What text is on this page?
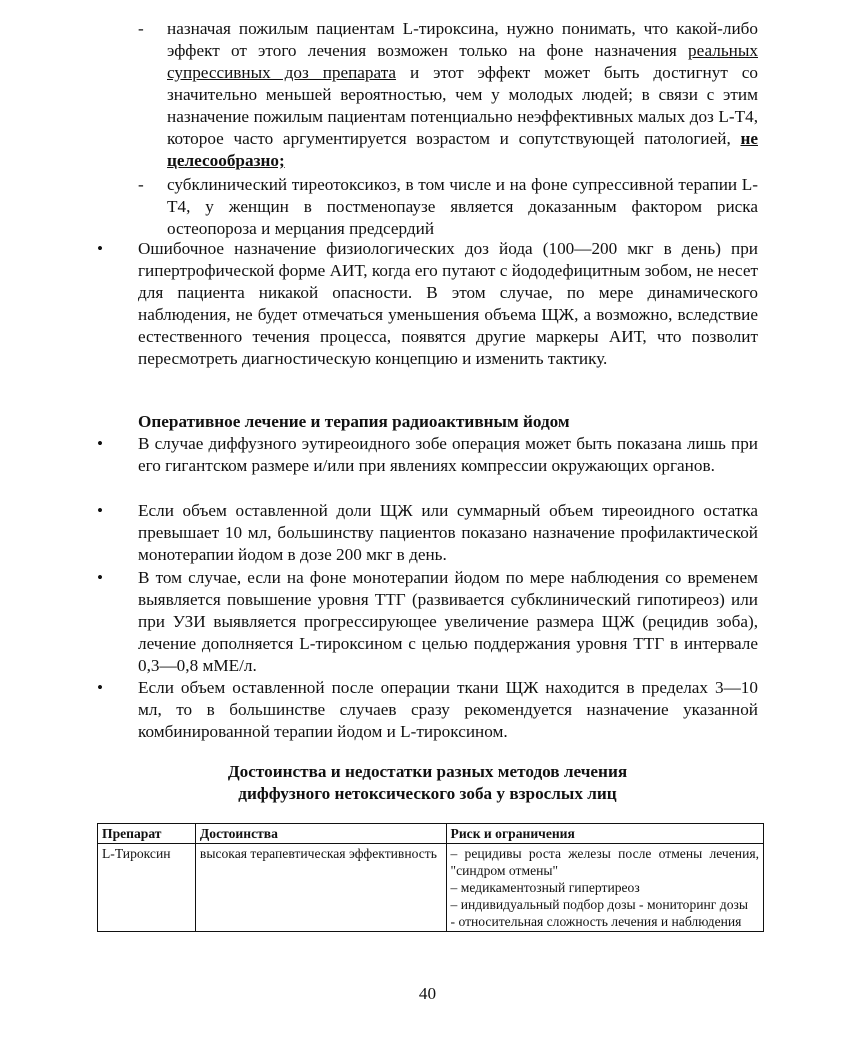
- назначая пожилым пациентам L-тироксина, нужно понимать, что какой-либо эффект от этого лечения возможен только на фоне назначения реальных супрессивных доз препарата и этот эффект может быть достигнут со значительно меньшей вероятностью, чем у молодых людей; в связи с этим назначение пожилым пациентам потенциально неэффективных малых доз L-T4, которое часто аргументируется возрастом и сопутствующей патологией, не целесообразно;
- субклинический тиреотоксикоз, в том числе и на фоне супрессивной терапии L-T4, у женщин в постменопаузе является доказанным фактором риска остеопороза и мерцания предсердий
• Ошибочное назначение физиологических доз йода (100—200 мкг в день) при гипертрофической форме АИТ, когда его путают с йододефицитным зобом, не несет для пациента никакой опасности. В этом случае, по мере динамического наблюдения, не будет отмечаться уменьшения объема ЩЖ, а возможно, вследствие естественного течения процесса, появятся другие маркеры АИТ, что позволит пересмотреть диагностическую концепцию и изменить тактику.
Оперативное лечение и терапия радиоактивным йодом
• В случае диффузного эутиреоидного зобе операция может быть показана лишь при его гигантском размере и/или при явлениях компрессии окружающих органов.
• Если объем оставленной доли ЩЖ или суммарный объем тиреоидного остатка превышает 10 мл, большинству пациентов показано назначение профилактической монотерапии йодом в дозе 200 мкг в день.
• В том случае, если на фоне монотерапии йодом по мере наблюдения со временем выявляется повышение уровня ТТГ (развивается субклинический гипотиреоз) или при УЗИ выявляется прогрессирующее увеличение размера ЩЖ (рецидив зоба), лечение дополняется L-тироксином с целью поддержания уровня ТТГ в интервале 0,3—0,8 мМЕ/л.
• Если объем оставленной после операции ткани ЩЖ находится в пределах 3—10 мл, то в большинстве случаев сразу рекомендуется назначение указанной комбинированной терапии йодом и L-тироксином.
Достоинства и недостатки разных методов лечения
диффузного нетоксического зоба у взрослых лиц
Препарат	Достоинства	Риск и ограничения
L-Тироксин	высокая терапевтическая эффективность	– рецидивы роста железы после отмены лечения, "синдром отмены"
– медикаментозный гипертиреоз
– индивидуальный подбор дозы - мониторинг дозы
- относительная сложность лечения и наблюдения
40
